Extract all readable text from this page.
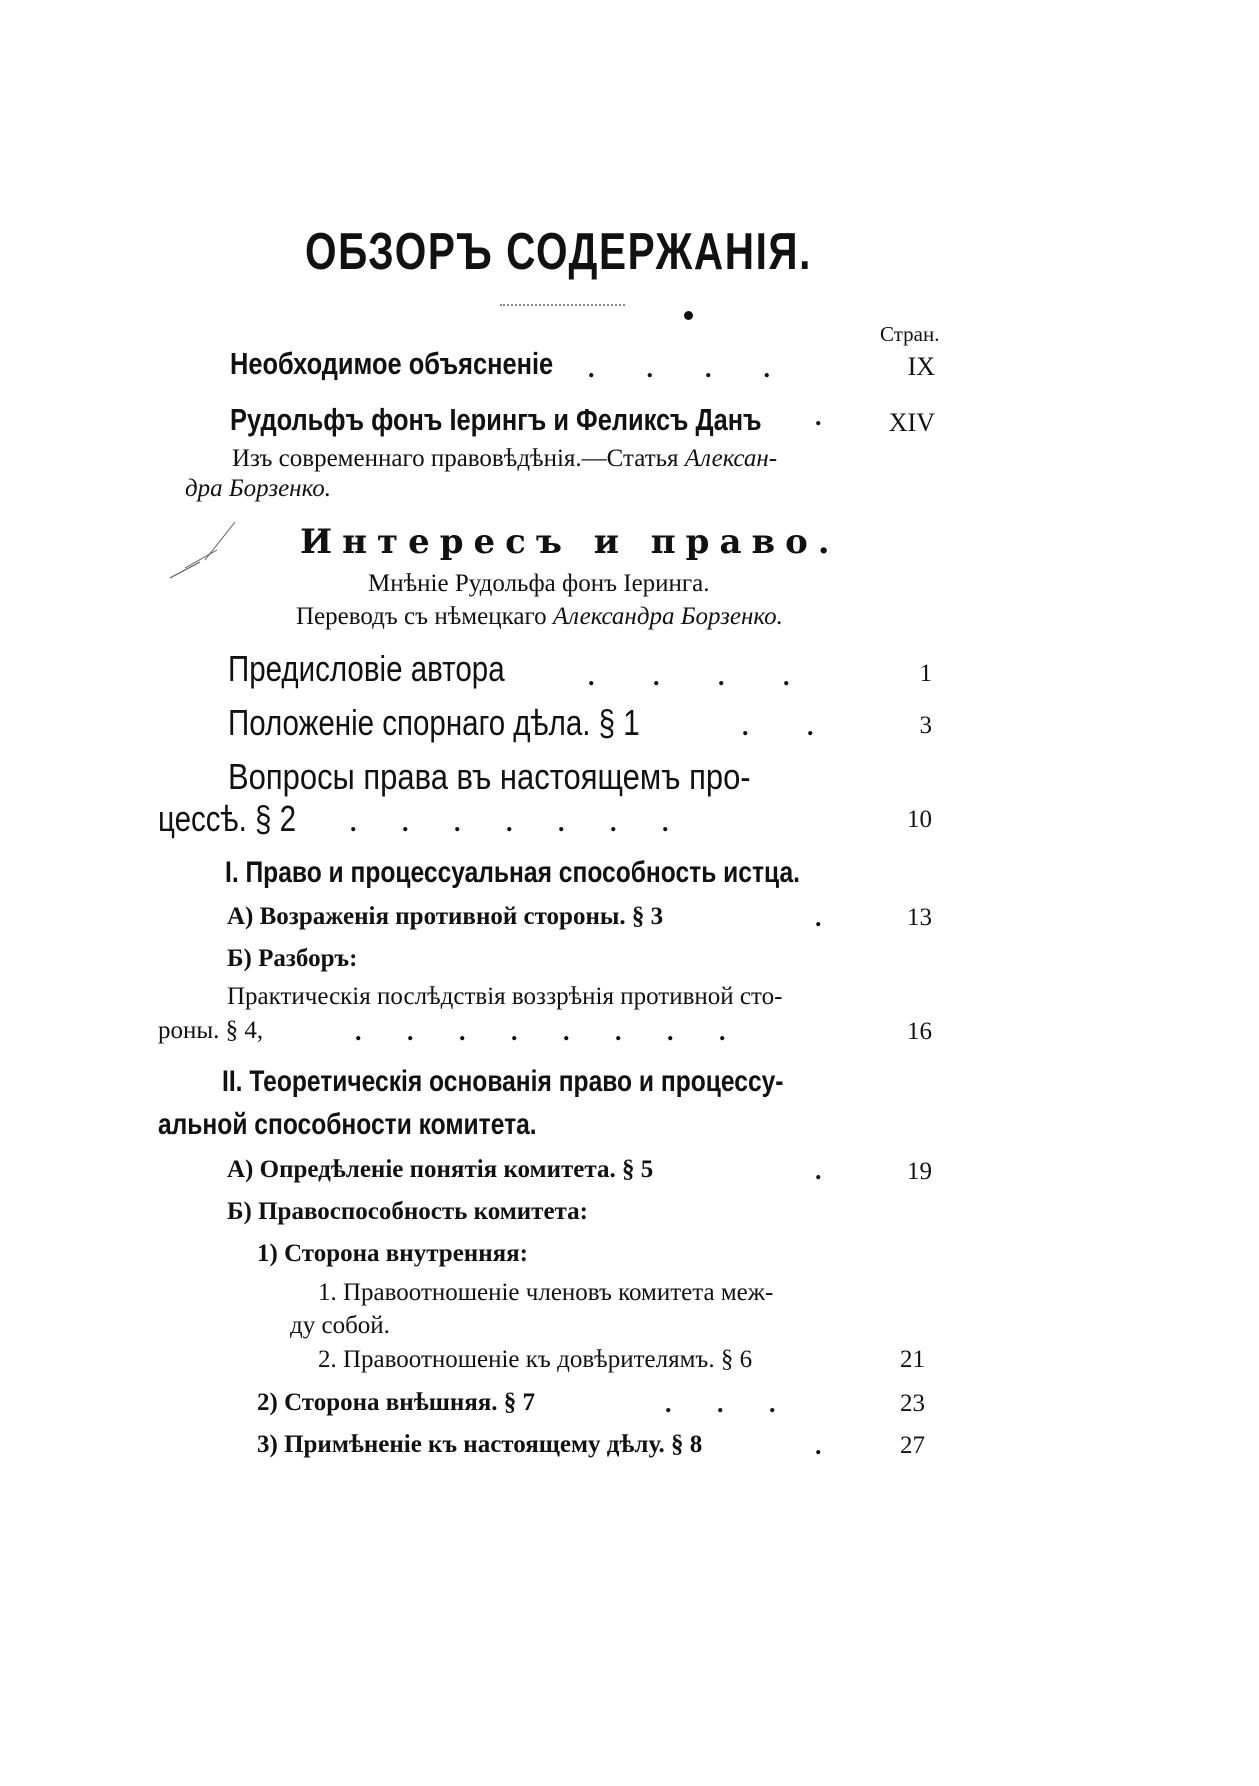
ОБЗОРЪ СОДЕРЖАНІЯ.
Стран.
Необходимое объясненіе .        .        .        .	IX
Рудольфъ фонъ Іерингъ и Феликсъ Данъ .	XIV
Изъ современнаго правовѣдѣнія.—Статья Алексан-
дра Борзенко.
Интересъ и право.
Мнѣніе Рудольфа фонъ Іеринга.
Переводъ съ нѣмецкаго Александра Борзенко.
Предисловіе автора	.         .         .         .	1
Положеніе спорнаго дѣла. § 1	.         .	3
Вопросы права въ настоящемъ про-
цессѣ. § 2 .       .       .       .       .       .       .	10
I. Право и процессуальная способность истца.
А) Возраженія противной стороны. § 3	.	13
Б) Разборъ:
Практическія послѣдствія воззрѣнія противной сто-
роны. § 4,	.       .       .       .       .       .       .       .	16
II. Теоретическія основанія право и процессу-
альной способности комитета.
А) Опредѣленіе понятія комитета. § 5	.	19
Б) Правоспособность комитета:
1) Сторона внутренняя:
1. Правоотношеніе членовъ комитета меж-
ду собой.
2. Правоотношеніе къ довѣрителямъ. § 6	21
2) Сторона внѣшняя. § 7	.       .       .	23
3) Примѣненіе къ настоящему дѣлу. § 8	.	27
